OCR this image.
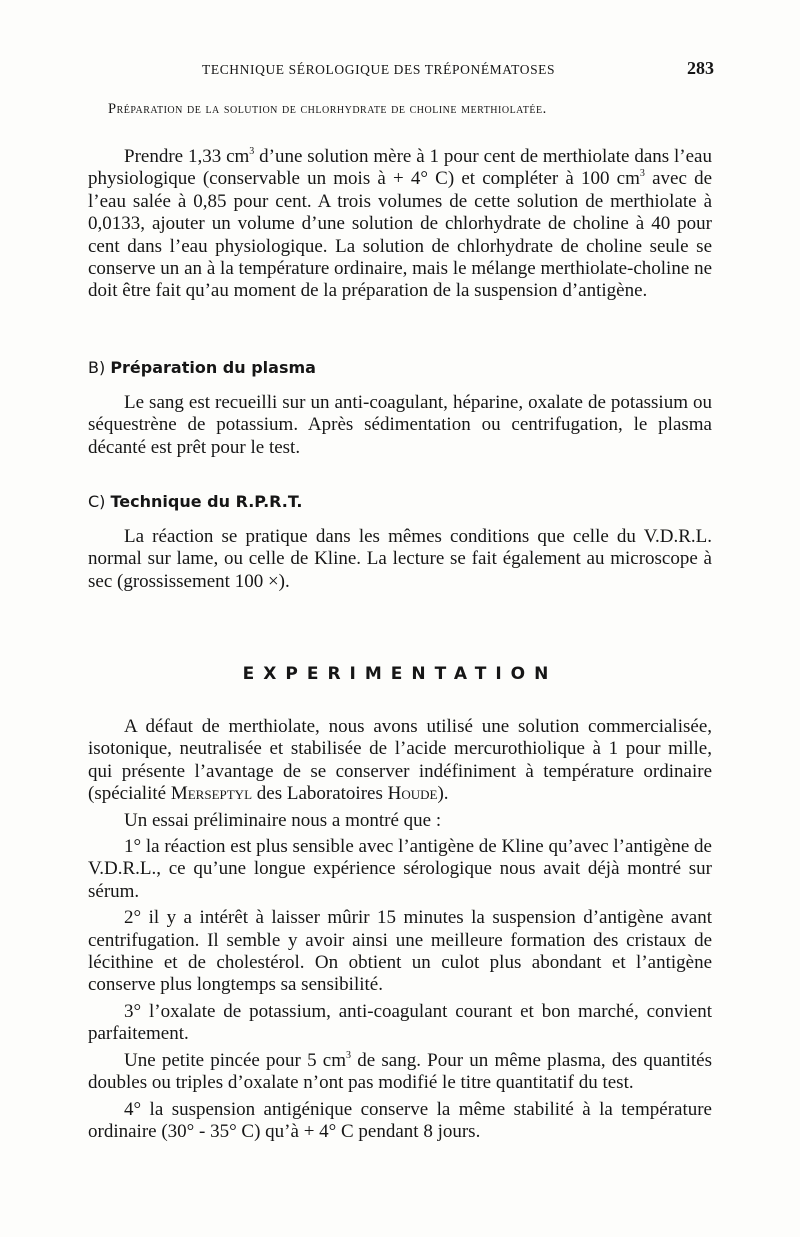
TECHNIQUE SÉROLOGIQUE DES TRÉPONÉMATOSES	283
Préparation de la solution de chlorhydrate de choline merthiolatée.

Prendre 1,33 $cm^3$ d’une solution mère à 1 pour cent de merthiolate dans l’eau physiologique (conservable un mois à + 4° C) et compléter à 100 $cm^3$ avec de l’eau salée à 0,85 pour cent. A trois volumes de cette solution de merthiolate à 0,0133, ajouter un volume d’une solution de chlorhydrate de choline à 40 pour cent dans l’eau physiologique. La solution de chlorhydrate de choline seule se conserve un an à la température ordinaire, mais le mélange merthiolate-choline ne doit être fait qu’au moment de la préparation de la suspension d’antigène.

B) Préparation du plasma

Le sang est recueilli sur un anti-coagulant, héparine, oxalate de potassium ou séquestrène de potassium. Après sédimentation ou centrifugation, le plasma décanté est prêt pour le test.

C) Technique du R.P.R.T.

La réaction se pratique dans les mêmes conditions que celle du V.D.R.L. normal sur lame, ou celle de Kline. La lecture se fait également au microscope à sec (grossissement 100 ×).

EXPERIMENTATION

A défaut de merthiolate, nous avons utilisé une solution commercialisée, isotonique, neutralisée et stabilisée de l’acide mercurothiolique à 1 pour mille, qui présente l’avantage de se conserver indéfiniment à température ordinaire (spécialité Merseptyl des Laboratoires Houde).

Un essai préliminaire nous a montré que :

1° la réaction est plus sensible avec l’antigène de Kline qu’avec l’antigène de V.D.R.L., ce qu’une longue expérience sérologique nous avait déjà montré sur sérum.

2° il y a intérêt à laisser mûrir 15 minutes la suspension d’antigène avant centrifugation. Il semble y avoir ainsi une meilleure formation des cristaux de lécithine et de cholestérol. On obtient un culot plus abondant et l’antigène conserve plus longtemps sa sensibilité.

3° l’oxalate de potassium, anti-coagulant courant et bon marché, convient parfaitement.

Une petite pincée pour 5 $cm^3$ de sang. Pour un même plasma, des quantités doubles ou triples d’oxalate n’ont pas modifié le titre quantitatif du test.

4° la suspension antigénique conserve la même stabilité à la température ordinaire (30° - 35° C) qu’à + 4° C pendant 8 jours.
